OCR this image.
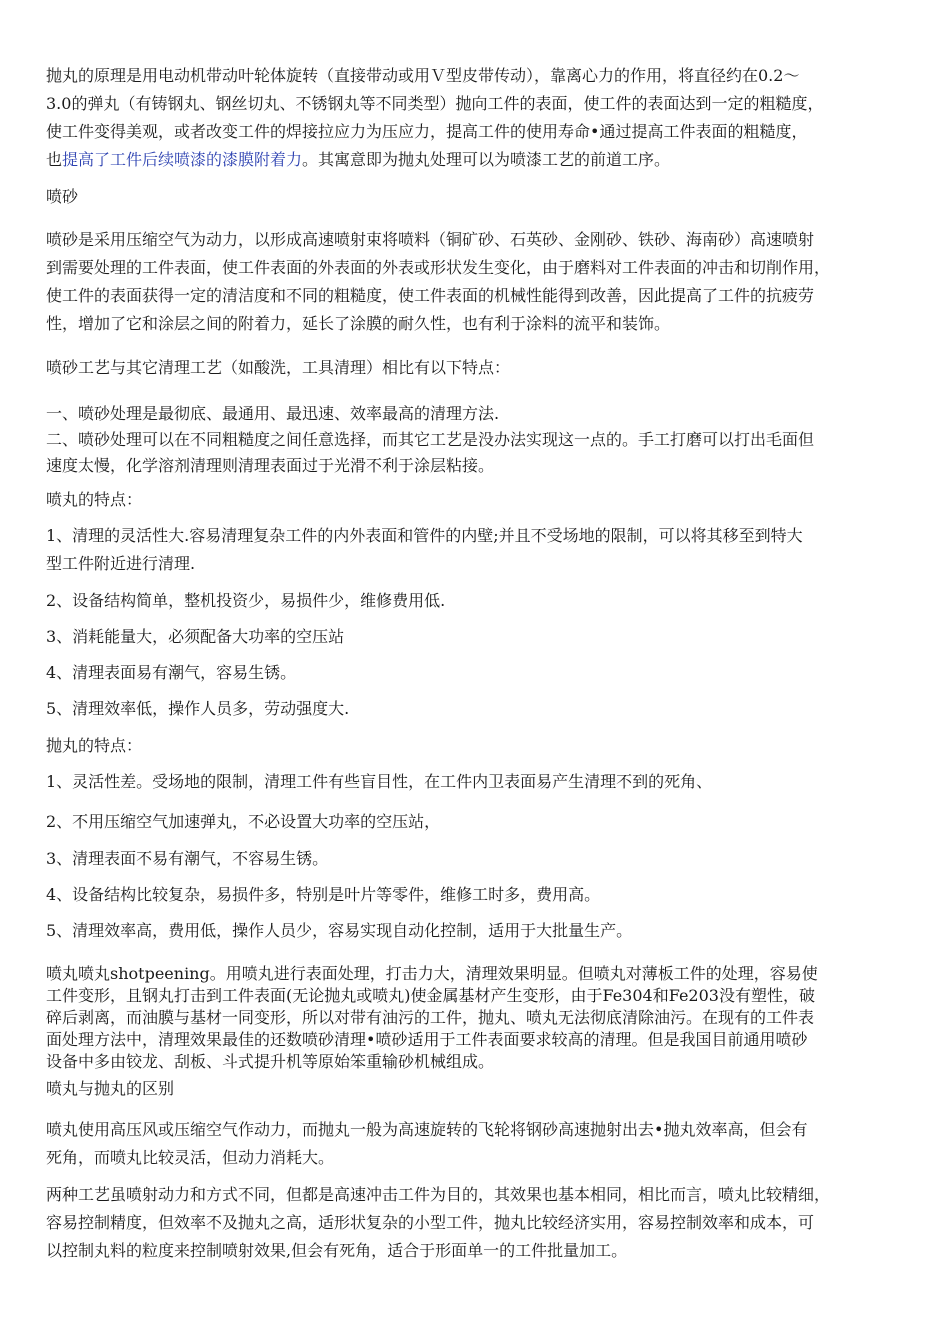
抛丸的原理是用电动机带动叶轮体旋转（直接带动或用Ｖ型皮带传动），靠离心力的作用，将直径约在0.2～
3.0的弹丸（有铸钢丸、钢丝切丸、不锈钢丸等不同类型）抛向工件的表面，使工件的表面达到一定的粗糙度，
使工件变得美观，或者改变工件的焊接拉应力为压应力，提高工件的使用寿命•通过提高工件表面的粗糙度，
也提高了工件后续喷漆的漆膜附着力。其寓意即为抛丸处理可以为喷漆工艺的前道工序。
喷砂
喷砂是采用压缩空气为动力，以形成高速喷射束将喷料（铜矿砂、石英砂、金刚砂、铁砂、海南砂）高速喷射
到需要处理的工件表面，使工件表面的外表面的外表或形状发生变化，由于磨料对工件表面的冲击和切削作用，
使工件的表面获得一定的清洁度和不同的粗糙度，使工件表面的机械性能得到改善，因此提高了工件的抗疲劳
性，增加了它和涂层之间的附着力，延长了涂膜的耐久性，也有利于涂料的流平和装饰。
喷砂工艺与其它清理工艺（如酸洗，工具清理）相比有以下特点：
一、喷砂处理是最彻底、最通用、最迅速、效率最高的清理方法.
二、喷砂处理可以在不同粗糙度之间任意选择，而其它工艺是没办法实现这一点的。手工打磨可以打出毛面但
速度太慢，化学溶剂清理则清理表面过于光滑不利于涂层粘接。
喷丸的特点：
1、清理的灵活性大.容易清理复杂工件的内外表面和管件的内壁;并且不受场地的限制，可以将其移至到特大
型工件附近进行清理.
2、设备结构简单，整机投资少，易损件少，维修费用低.
3、消耗能量大，必须配备大功率的空压站
4、清理表面易有潮气，容易生锈。
5、清理效率低，操作人员多，劳动强度大.
抛丸的特点：
1、灵活性差。受场地的限制，清理工件有些盲目性，在工件内卫表面易产生清理不到的死角、
2、不用压缩空气加速弹丸，不必设置大功率的空压站，
3、清理表面不易有潮气，不容易生锈。
4、设备结构比较复杂，易损件多，特别是叶片等零件，维修工时多，费用高。
5、清理效率高，费用低，操作人员少，容易实现自动化控制，适用于大批量生产。
喷丸喷丸shotpeening。用喷丸进行表面处理，打击力大，清理效果明显。但喷丸对薄板工件的处理，容易使
工件变形，且钢丸打击到工件表面(无论抛丸或喷丸)使金属基材产生变形，由于Fe304和Fe203没有塑性，破
碎后剥离，而油膜与基材一同变形，所以对带有油污的工件，抛丸、喷丸无法彻底清除油污。在现有的工件表
面处理方法中，清理效果最佳的还数喷砂清理•喷砂适用于工件表面要求较高的清理。但是我国目前通用喷砂
设备中多由铰龙、刮板、斗式提升机等原始笨重输砂机械组成。
喷丸与抛丸的区别
喷丸使用高压风或压缩空气作动力，而抛丸一般为高速旋转的飞轮将钢砂高速抛射出去•抛丸效率高，但会有
死角，而喷丸比较灵活，但动力消耗大。
两种工艺虽喷射动力和方式不同，但都是高速冲击工件为目的，其效果也基本相同，相比而言，喷丸比较精细，
容易控制精度，但效率不及抛丸之高，适形状复杂的小型工件，抛丸比较经济实用，容易控制效率和成本，可
以控制丸料的粒度来控制喷射效果,但会有死角，适合于形面单一的工件批量加工。
